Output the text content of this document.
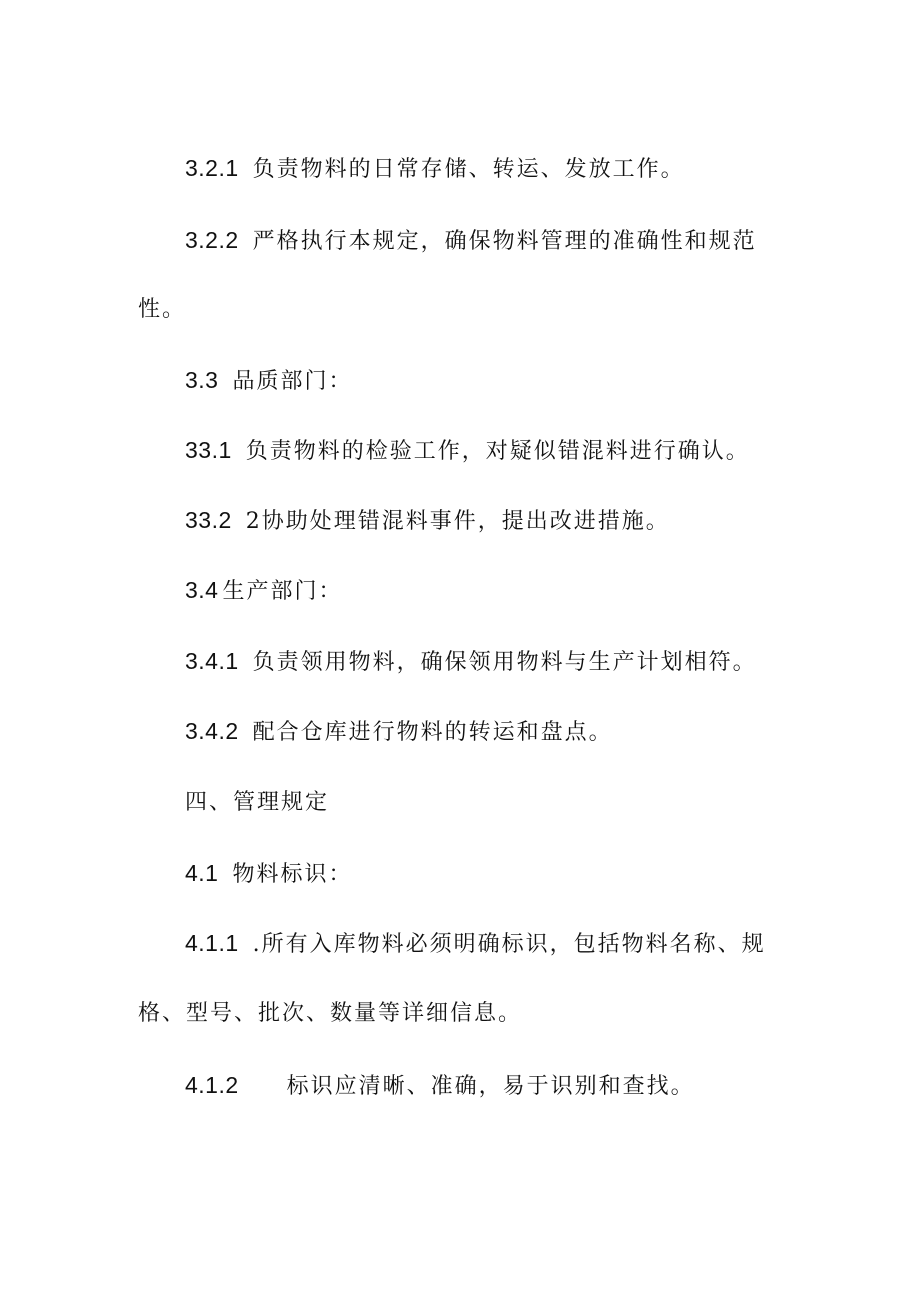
3.2.1 负责物料的日常存储、转运、发放工作。
3.2.2 严格执行本规定，确保物料管理的准确性和规范
性。
3.3 品质部门：
33.1 负责物料的检验工作，对疑似错混料进行确认。
33.2 2协助处理错混料事件，提出改进措施。
3.4 生产部门：
3.4.1 负责领用物料，确保领用物料与生产计划相符。
3.4.2 配合仓库进行物料的转运和盘点。
四、管理规定
4.1 物料标识：
4.1.1 .所有入库物料必须明确标识，包括物料名称、规
格、型号、批次、数量等详细信息。
4.1.2 标识应清晰、准确，易于识别和查找。
